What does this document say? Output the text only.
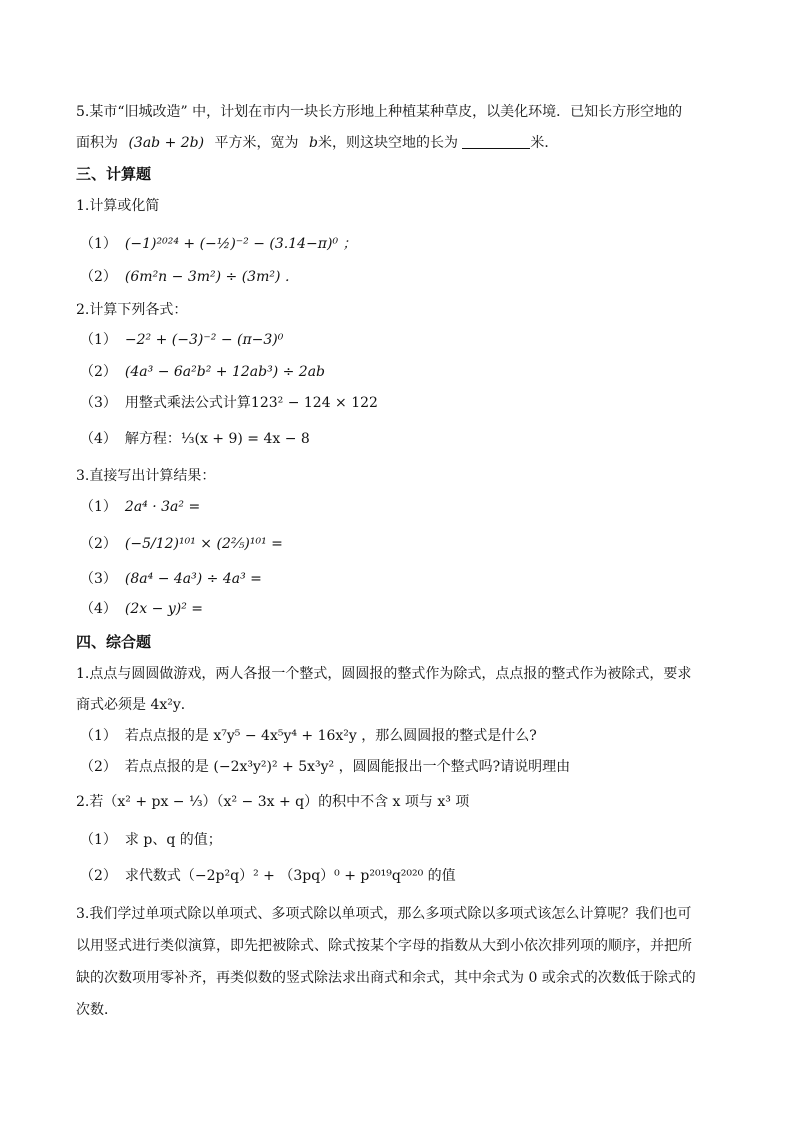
5.某市“旧城改造” 中，计划在市内一块长方形地上种植某种草皮，以美化环境．已知长方形空地的
面积为 (3ab + 2b) 平方米，宽为 b米，则这块空地的长为	米．
三、计算题
1.计算或化简
（1） (−1)²⁰²⁴ + (−½)⁻² − (3.14−π)⁰ ；
（2） (6m²n − 3m²) ÷ (3m²) ．
2.计算下列各式：
（1） −2² + (−3)⁻² − (π−3)⁰
（2） (4a³ − 6a²b² + 12ab³) ÷ 2ab
（3） 用整式乘法公式计算123² − 124 × 122
（4） 解方程：⅓(x + 9) = 4x − 8
3.直接写出计算结果：
（1） 2a⁴ · 3a² =
（2） (−5/12)¹⁰¹ × (2⅖)¹⁰¹ =
（3） (8a⁴ − 4a³) ÷ 4a³ =
（4） (2x − y)² =
四、综合题
1.点点与圆圆做游戏，两人各报一个整式，圆圆报的整式作为除式，点点报的整式作为被除式，要求
商式必须是 4x²y．
（1） 若点点报的是 x⁷y⁵ − 4x⁵y⁴ + 16x²y ，那么圆圆报的整式是什么?
（2） 若点点报的是 (−2x³y²)² + 5x³y² ，圆圆能报出一个整式吗?请说明理由
2.若（x² + px − ⅓）（x² − 3x + q）的积中不含 x 项与 x³ 项
（1） 求 p、q 的值；
（2） 求代数式（−2p²q）² + （3pq）⁰ + p²⁰¹⁹q²⁰²⁰ 的值
3.我们学过单项式除以单项式、多项式除以单项式，那么多项式除以多项式该怎么计算呢？我们也可
以用竖式进行类似演算，即先把被除式、除式按某个字母的指数从大到小依次排列项的顺序，并把所
缺的次数项用零补齐，再类似数的竖式除法求出商式和余式，其中余式为 0 或余式的次数低于除式的
次数．
